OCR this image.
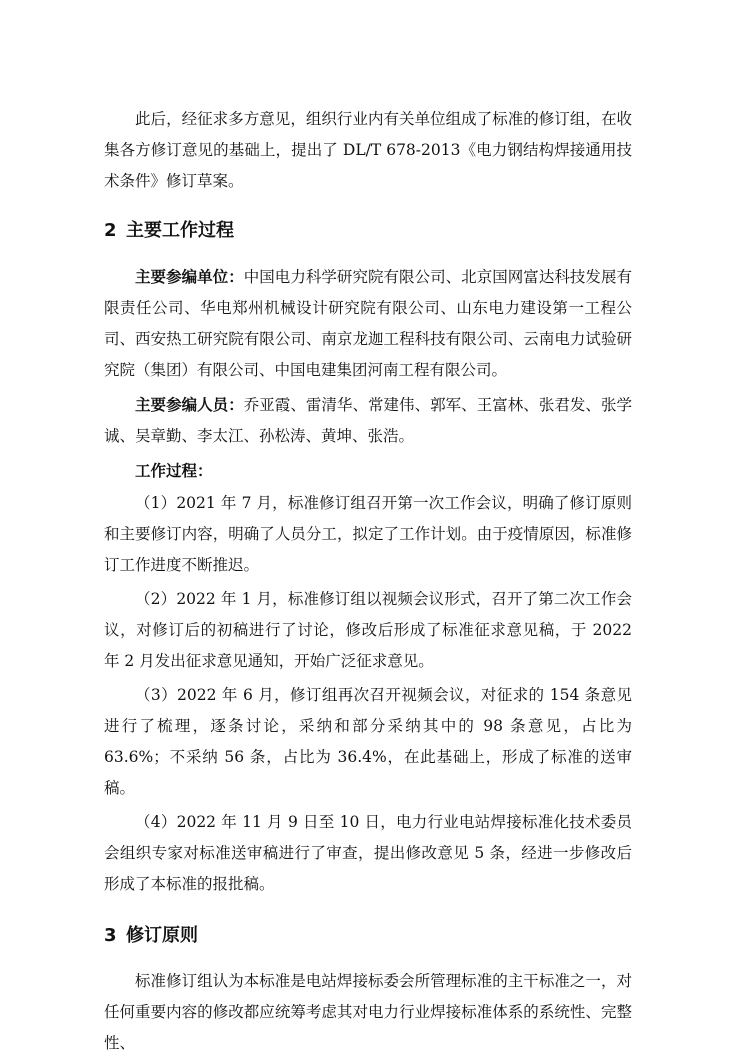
此后，经征求多方意见，组织行业内有关单位组成了标准的修订组，在收集各方修订意见的基础上，提出了 DL/T 678-2013《电力钢结构焊接通用技术条件》修订草案。

2 主要工作过程

主要参编单位：中国电力科学研究院有限公司、北京国网富达科技发展有限责任公司、华电郑州机械设计研究院有限公司、山东电力建设第一工程公司、西安热工研究院有限公司、南京龙迦工程科技有限公司、云南电力试验研究院（集团）有限公司、中国电建集团河南工程有限公司。

主要参编人员：乔亚霞、雷清华、常建伟、郭军、王富林、张君发、张学诚、吴章勤、李太江、孙松涛、黄坤、张浩。

工作过程：

（1）2021 年 7 月，标准修订组召开第一次工作会议，明确了修订原则和主要修订内容，明确了人员分工，拟定了工作计划。由于疫情原因，标准修订工作进度不断推迟。

（2）2022 年 1 月，标准修订组以视频会议形式，召开了第二次工作会议，对修订后的初稿进行了讨论，修改后形成了标准征求意见稿，于 2022 年 2 月发出征求意见通知，开始广泛征求意见。

（3）2022 年 6 月，修订组再次召开视频会议，对征求的 154 条意见进行了梳理，逐条讨论，采纳和部分采纳其中的 98 条意见，占比为 63.6%；不采纳 56 条，占比为 36.4%，在此基础上，形成了标准的送审稿。

（4）2022 年 11 月 9 日至 10 日，电力行业电站焊接标准化技术委员会组织专家对标准送审稿进行了审查，提出修改意见 5 条，经进一步修改后形成了本标准的报批稿。

3 修订原则

标准修订组认为本标准是电站焊接标委会所管理标准的主干标准之一，对任何重要内容的修改都应统筹考虑其对电力行业焊接标准体系的系统性、完整性、
